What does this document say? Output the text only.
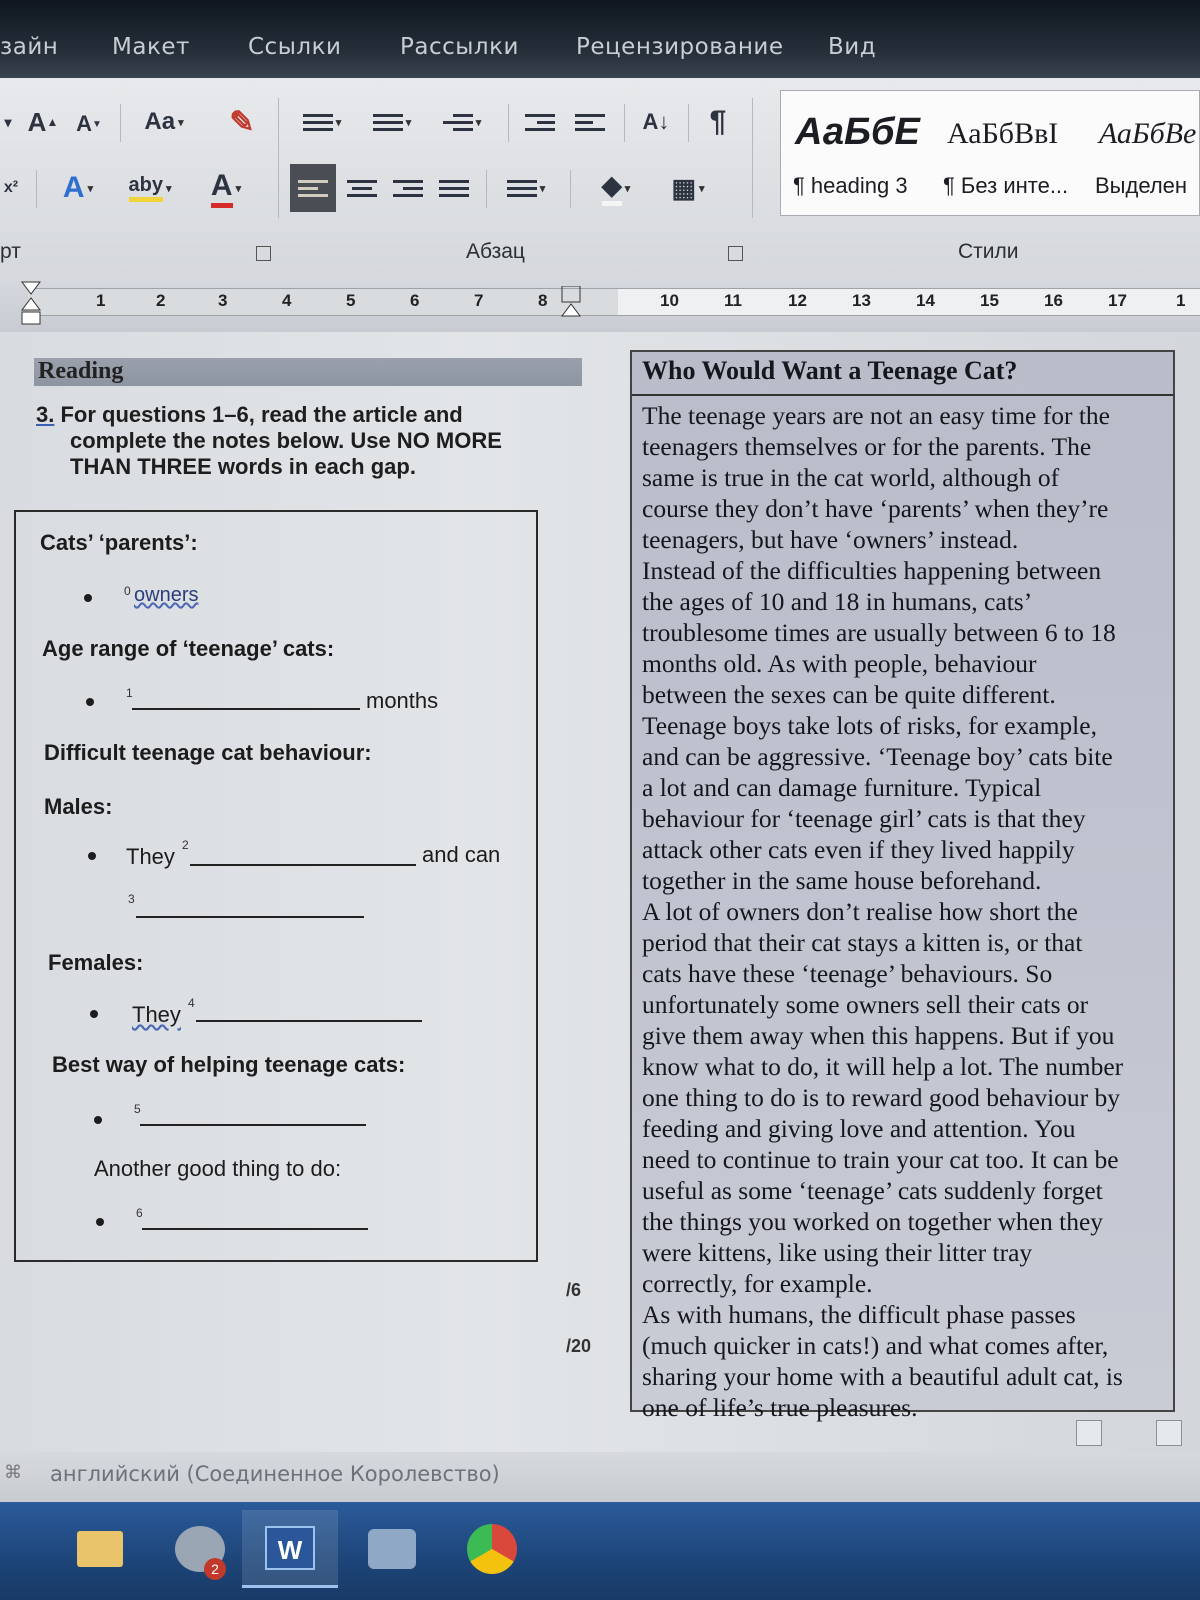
зайн Макет	Ссылки	Рассылки Рецензирование Вид
▾ A ▲ A ▼ Aa ▾ ✎
x² A ▾ aby ▾ A ▾
▾	▾	▾	A↓ ¶
▾ ◆ ▾ ▦ ▾
АаБбЕ АаБбВвІ АаБбВе
¶ heading 3 ¶ Без инте... Выделен
рт	Абзац	Стили
1	2	3	4	5	6	7	8	10	11	12	13	14	15	16	17	1
Reading
3. For questions 1–6, read the article and
complete the notes below. Use NO MORE
THAN THREE words in each gap.
Cats’ ‘parents’:
0 owners
Age range of ‘teenage’ cats:
1	months
Difficult teenage cat behaviour:
Males:
They 2	and can
3
Females:
They 4
Best way of helping teenage cats:
5
Another good thing to do:
6
/6
/20
Who Would Want a Teenage Cat?
The teenage years are not an easy time for the
teenagers themselves or for the parents. The
same is true in the cat world, although of
course they don’t have ‘parents’ when they’re
teenagers, but have ‘owners’ instead.
Instead of the difficulties happening between
the ages of 10 and 18 in humans, cats’
troublesome times are usually between 6 to 18
months old. As with people, behaviour
between the sexes can be quite different.
Teenage boys take lots of risks, for example,
and can be aggressive. ‘Teenage boy’ cats bite
a lot and can damage furniture. Typical
behaviour for ‘teenage girl’ cats is that they
attack other cats even if they lived happily
together in the same house beforehand.
A lot of owners don’t realise how short the
period that their cat stays a kitten is, or that
cats have these ‘teenage’ behaviours. So
unfortunately some owners sell their cats or
give them away when this happens. But if you
know what to do, it will help a lot. The number
one thing to do is to reward good behaviour by
feeding and giving love and attention. You
need to continue to train your cat too. It can be
useful as some ‘teenage’ cats suddenly forget
the things you worked on together when they
were kittens, like using their litter tray
correctly, for example.
As with humans, the difficult phase passes
(much quicker in cats!) and what comes after,
sharing your home with a beautiful adult cat, is
one of life’s true pleasures.
⌘ английский (Соединенное Королевство)
2
W
